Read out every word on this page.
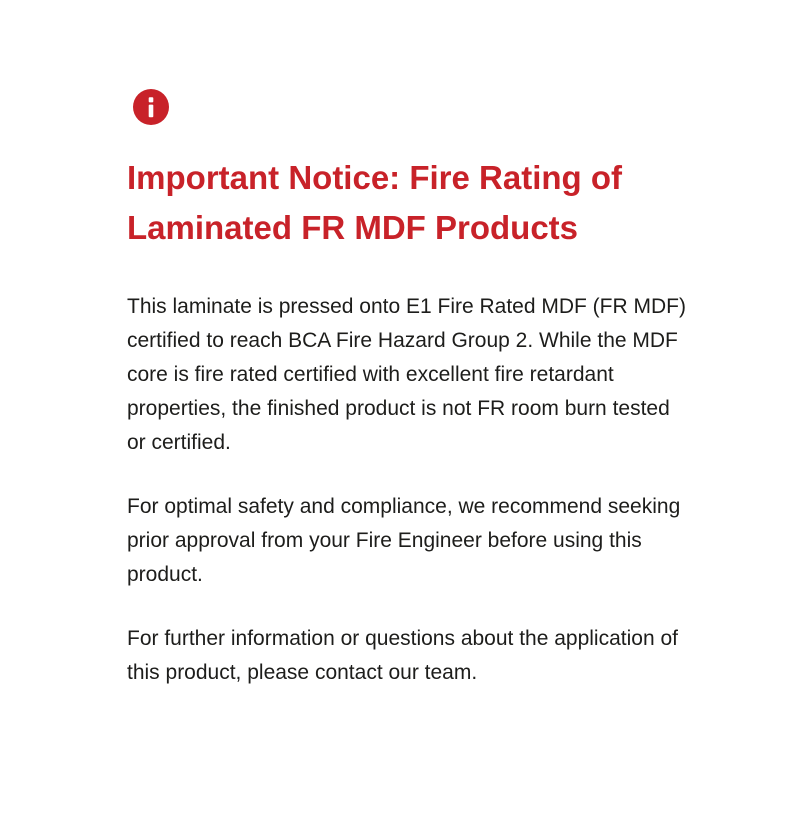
Important Notice: Fire Rating of Laminated FR MDF Products

This laminate is pressed onto E1 Fire Rated MDF (FR MDF) certified to reach BCA Fire Hazard Group 2. While the MDF core is fire rated certified with excellent fire retardant properties, the finished product is not FR room burn tested or certified.

For optimal safety and compliance, we recommend seeking prior approval from your Fire Engineer before using this product.

For further information or questions about the application of this product, please contact our team.
